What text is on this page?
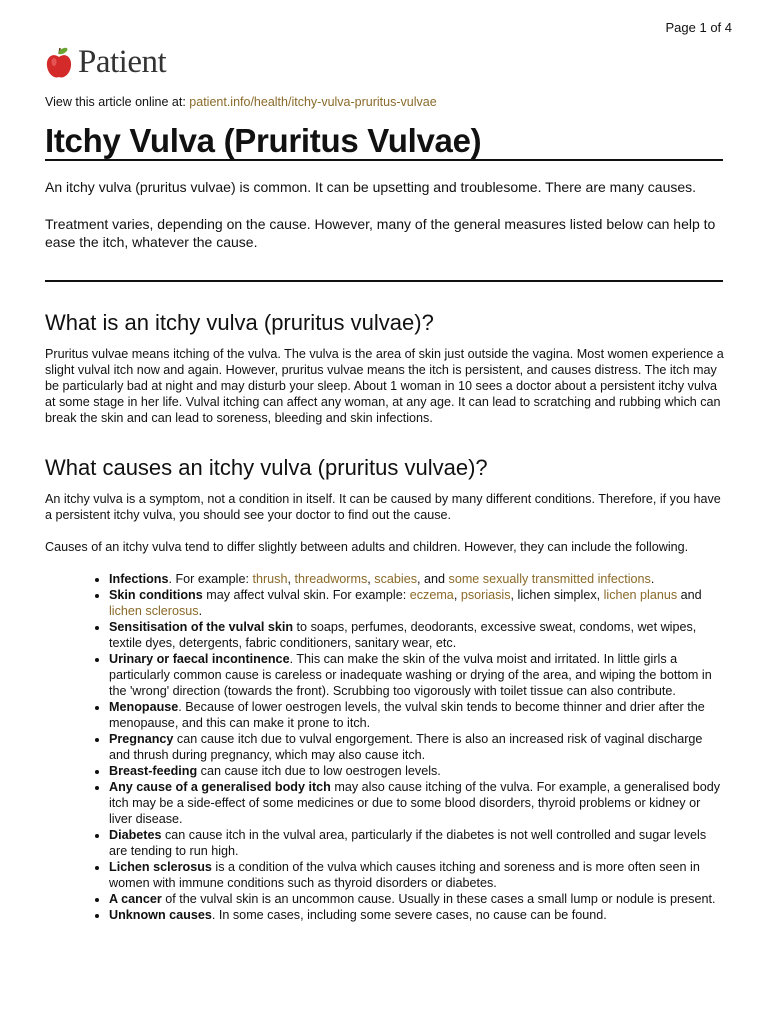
Page 1 of 4
Patient
View this article online at: patient.info/health/itchy-vulva-pruritus-vulvae
Itchy Vulva (Pruritus Vulvae)

An itchy vulva (pruritus vulvae) is common. It can be upsetting and troublesome. There are many causes.

Treatment varies, depending on the cause. However, many of the general measures listed below can help to ease the itch, whatever the cause.

What is an itchy vulva (pruritus vulvae)?

Pruritus vulvae means itching of the vulva. The vulva is the area of skin just outside the vagina. Most women experience a slight vulval itch now and again. However, pruritus vulvae means the itch is persistent, and causes distress. The itch may be particularly bad at night and may disturb your sleep. About 1 woman in 10 sees a doctor about a persistent itchy vulva at some stage in her life. Vulval itching can affect any woman, at any age. It can lead to scratching and rubbing which can break the skin and can lead to soreness, bleeding and skin infections.

What causes an itchy vulva (pruritus vulvae)?

An itchy vulva is a symptom, not a condition in itself. It can be caused by many different conditions. Therefore, if you have a persistent itchy vulva, you should see your doctor to find out the cause.

Causes of an itchy vulva tend to differ slightly between adults and children. However, they can include the following.

• Infections. For example: thrush, threadworms, scabies, and some sexually transmitted infections.
• Skin conditions may affect vulval skin. For example: eczema, psoriasis, lichen simplex, lichen planus and lichen sclerosus.
• Sensitisation of the vulval skin to soaps, perfumes, deodorants, excessive sweat, condoms, wet wipes, textile dyes, detergents, fabric conditioners, sanitary wear, etc.
• Urinary or faecal incontinence. This can make the skin of the vulva moist and irritated. In little girls a particularly common cause is careless or inadequate washing or drying of the area, and wiping the bottom in the 'wrong' direction (towards the front). Scrubbing too vigorously with toilet tissue can also contribute.
• Menopause. Because of lower oestrogen levels, the vulval skin tends to become thinner and drier after the menopause, and this can make it prone to itch.
• Pregnancy can cause itch due to vulval engorgement. There is also an increased risk of vaginal discharge and thrush during pregnancy, which may also cause itch.
• Breast-feeding can cause itch due to low oestrogen levels.
• Any cause of a generalised body itch may also cause itching of the vulva. For example, a generalised body itch may be a side-effect of some medicines or due to some blood disorders, thyroid problems or kidney or liver disease.
• Diabetes can cause itch in the vulval area, particularly if the diabetes is not well controlled and sugar levels are tending to run high.
• Lichen sclerosus is a condition of the vulva which causes itching and soreness and is more often seen in women with immune conditions such as thyroid disorders or diabetes.
• A cancer of the vulval skin is an uncommon cause. Usually in these cases a small lump or nodule is present.
• Unknown causes. In some cases, including some severe cases, no cause can be found.
